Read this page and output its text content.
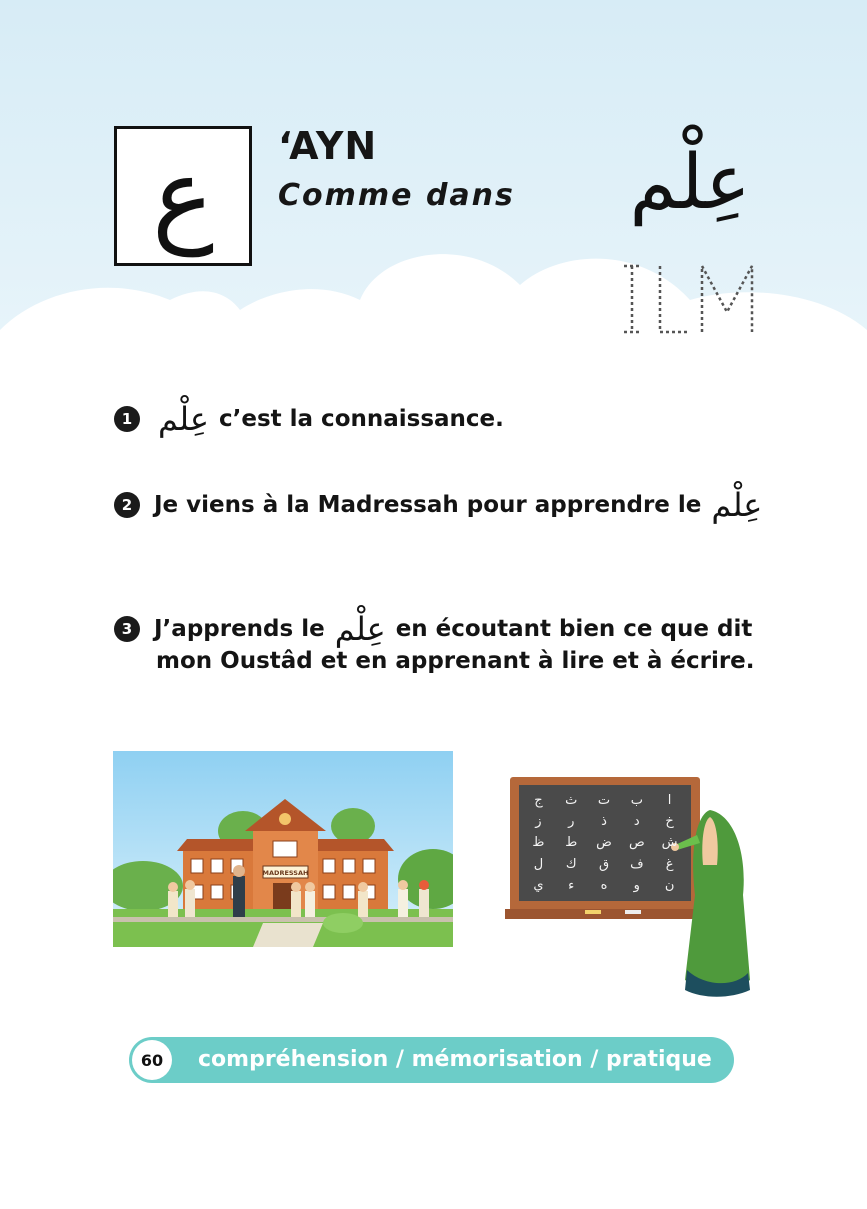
ع ‘AYN
Comme dans عِلْم
1 عِلْم c’est la connaissance.
2 Je viens à la Madressah pour apprendre le عِلْم
3 J’apprends le عِلْم en écoutant bien ce que dit
mon Oustâd et en apprenant à lire et à écrire.
MADRESSAH
ا
ب
ت
ث
ج
خ
د
ذ
ر
ز
ش
ص
ض
ط
ظ
غ
ف
ق
ك
ل
ن
و
ه
ء
ي
60	compréhension / mémorisation / pratique
